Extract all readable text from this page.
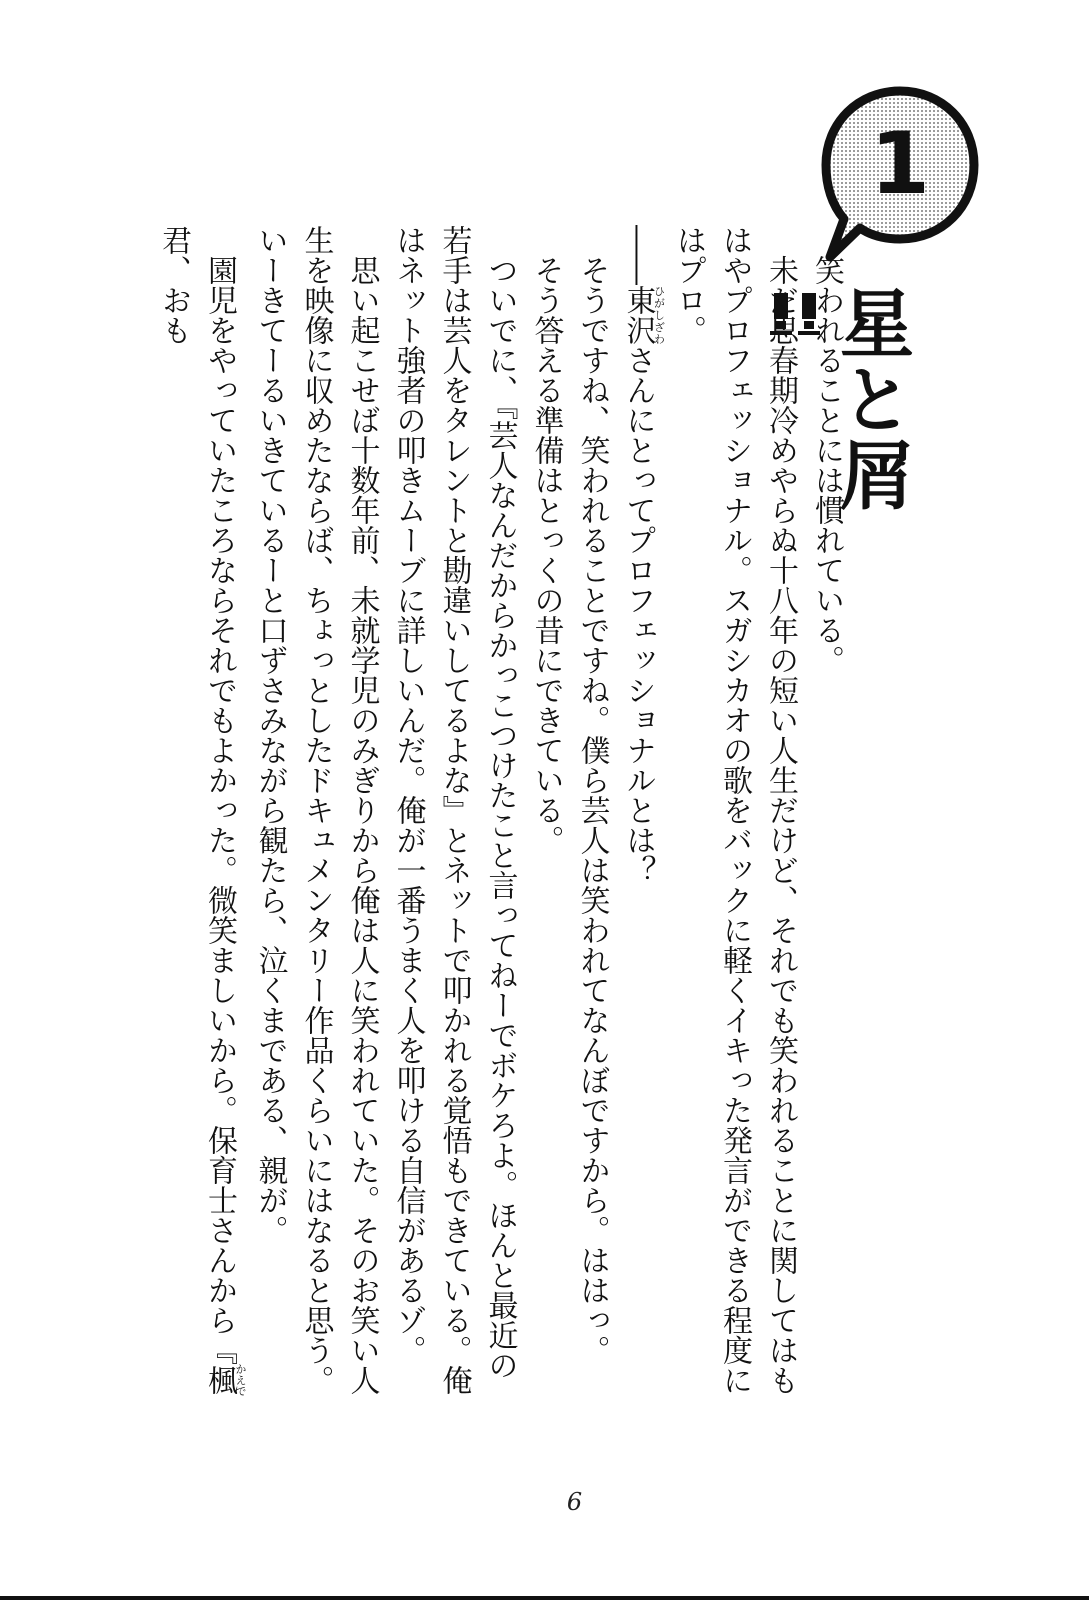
1
星と屑

笑われることには慣れている。

未だ思春期冷めやらぬ十八年の短い人生だけど、それでも笑われることに関してはもはやプロフェッショナル。スガシカオの歌をバックに軽くイキった発言ができる程度にはプロ。

――東沢ひがしざわさんにとってプロフェッショナルとは？

そうですね、笑われることですね。僕ら芸人は笑われてなんぼですから。ははっ。

そう答える準備はとっくの昔にできている。

ついでに、『芸人なんだからかっこつけたこと言ってねーでボケろよ。ほんと最近の若手は芸人をタレントと勘違いしてるよな』とネットで叩かれる覚悟もできている。俺はネット強者の叩きムーブに詳しいんだ。俺が一番うまく人を叩ける自信があるゾ。

思い起こせば十数年前、未就学児のみぎりから俺は人に笑われていた。そのお笑い人生を映像に収めたならば、ちょっとしたドキュメンタリー作品くらいにはなると思う。いーきてーるいきているーと口ずさみながら観たら、泣くまである、親が。

園児をやっていたころならそれでもよかった。微笑ましいから。保育士さんから『楓かえで君、おも

6
